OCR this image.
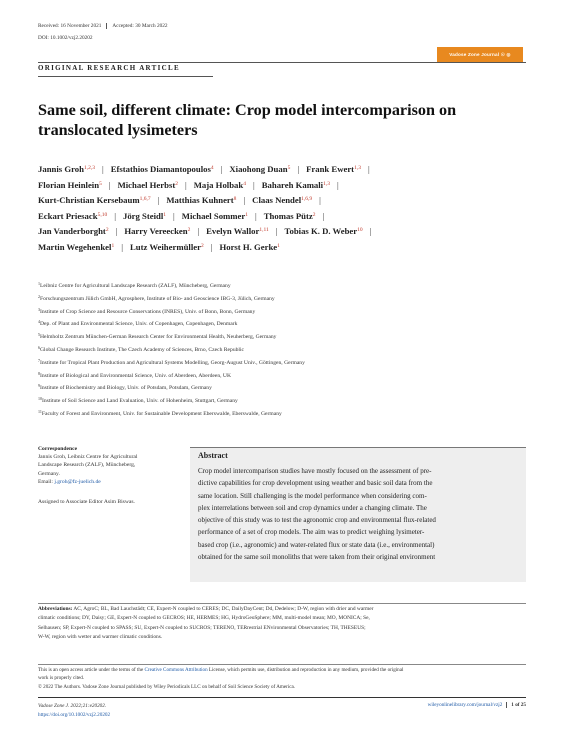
Received: 16 November 2021 Accepted: 30 March 2022
DOI: 10.1002/vzj2.20202
Vadose Zone Journal ☉ ◎
ORIGINAL RESEARCH ARTICLE
Same soil, different climate: Crop model intercomparison on
translocated lysimeters
Jannis Groh$^{1,2,3}$ | Efstathios Diamantopoulos$^4$ | Xiaohong Duan$^5$ | Frank Ewert$^{1,3}$ |
Florian Heinlein$^5$ | Michael Herbst$^2$ | Maja Holbak$^4$ | Bahareh Kamali$^{1,3}$ |
Kurt-Christian Kersebaum$^{1,6,7}$ | Matthias Kuhnert$^8$ | Claas Nendel$^{1,6,9}$ |
Eckart Priesack$^{5,10}$ | Jörg Steidl$^1$ | Michael Sommer$^1$ | Thomas Pütz$^2$ |
Jan Vanderborght$^2$ | Harry Vereecken$^2$ | Evelyn Wallor$^{1,11}$ | Tobias K. D. Weber$^{10}$ |
Martin Wegehenkel$^1$ | Lutz Weihermüller$^2$ | Horst H. Gerke$^1$
$^1$Leibniz Centre for Agricultural Landscape Research (ZALF), Müncheberg, Germany
$^2$Forschungszentrum Jülich GmbH, Agrosphere, Institute of Bio- and Geoscience IBG-3, Jülich, Germany
$^3$Institute of Crop Science and Resource Conservations (INRES), Univ. of Bonn, Bonn, Germany
$^4$Dep. of Plant and Environmental Science, Univ. of Copenhagen, Copenhagen, Denmark
$^5$Helmholtz Zentrum München-German Research Center for Environmental Health, Neuherberg, Germany
$^6$Global Change Research Institute, The Czech Academy of Sciences, Brno, Czech Republic
$^7$Institute for Tropical Plant Production and Agricultural Systems Modelling, Georg-August Univ., Göttingen, Germany
$^8$Institute of Biological and Environmental Science, Univ. of Aberdeen, Aberdeen, UK
$^9$Institute of Biochemistry and Biology, Univ. of Potsdam, Potsdam, Germany
$^{10}$Institute of Soil Science and Land Evaluation, Univ. of Hohenheim, Stuttgart, Germany
$^{11}$Faculty of Forest and Environment, Univ. for Sustainable Development Eberswalde, Eberswalde, Germany
Correspondence
Jannis Groh, Leibniz Centre for Agricultural
Landscape Research (ZALF), Müncheberg,
Germany.
Email: j.groh@fz-juelich.de
Assigned to Associate Editor Asim Biswas.
Abstract
Crop model intercomparison studies have mostly focused on the assessment of pre-
dictive capabilities for crop development using weather and basic soil data from the
same location. Still challenging is the model performance when considering com-
plex interrelations between soil and crop dynamics under a changing climate. The
objective of this study was to test the agronomic crop and environmental flux-related
performance of a set of crop models. The aim was to predict weighing lysimeter-
based crop (i.e., agronomic) and water-related flux or state data (i.e., environmental)
obtained for the same soil monoliths that were taken from their original environment
Abbreviations: AC, AgroC; BL, Bad Lauchstädt; CE, Expert-N coupled to CERES; DC, DailyDayCent; Dd, Dedelow; D-W, region with drier and warmer
climatic conditions; DY, Daisy; GE, Expert-N coupled to GECROS; HE, HERMES; HG, HydroGeoSphere; MM, multi-model mean; MO, MONICA; Se,
Selhausen; SP, Expert-N coupled to SPASS; SU, Expert-N coupled to SUCROS; TERENO, TERrestrial ENvironmental Observatories; TH, THESEUS;
W-W, region with wetter and warmer climatic conditions.
This is an open access article under the terms of the Creative Commons Attribution License, which permits use, distribution and reproduction in any medium, provided the original
work is properly cited.
© 2022 The Authors. Vadose Zone Journal published by Wiley Periodicals LLC on behalf of Soil Science Society of America.
Vadose Zone J. 2022;21:e20202.
https://doi.org/10.1002/vzj2.20202
wileyonlinelibrary.com/journal/vzj2 1 of 25
